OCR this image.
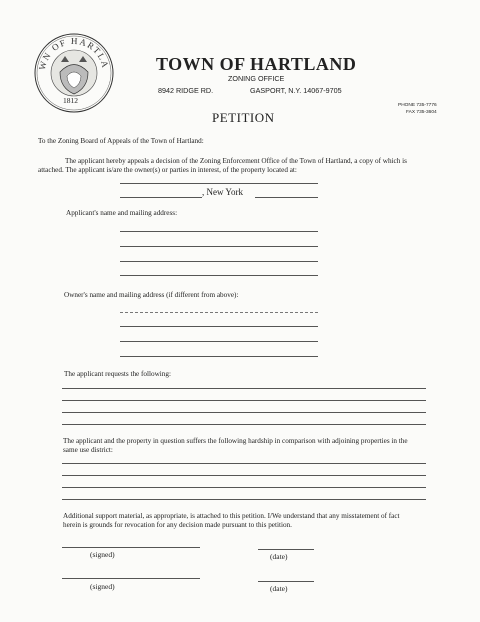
WN OF HARTLA
1812
TOWN OF HARTLAND
ZONING OFFICE
8942 RIDGE RD.	GASPORT, N.Y. 14067-9705
PHONE 735-7776
FAX 735-3604
PETITION
To the Zoning Board of Appeals of the Town of Hartland:
The applicant hereby appeals a decision of the Zoning Enforcement Office of the Town of Hartland, a copy of which is
attached. The applicant is/are the owner(s) or parties in interest, of the property located at:
, New York
Applicant's name and mailing address:
Owner's name and mailing address (if different from above):
The applicant requests the following:
The applicant and the property in question suffers the following hardship in comparison with adjoining properties in the
same use district:
Additional support material, as appropriate, is attached to this petition. I/We understand that any misstatement of fact
herein is grounds for revocation for any decision made pursuant to this petition.
(signed)	(date)
(signed)	(date)
